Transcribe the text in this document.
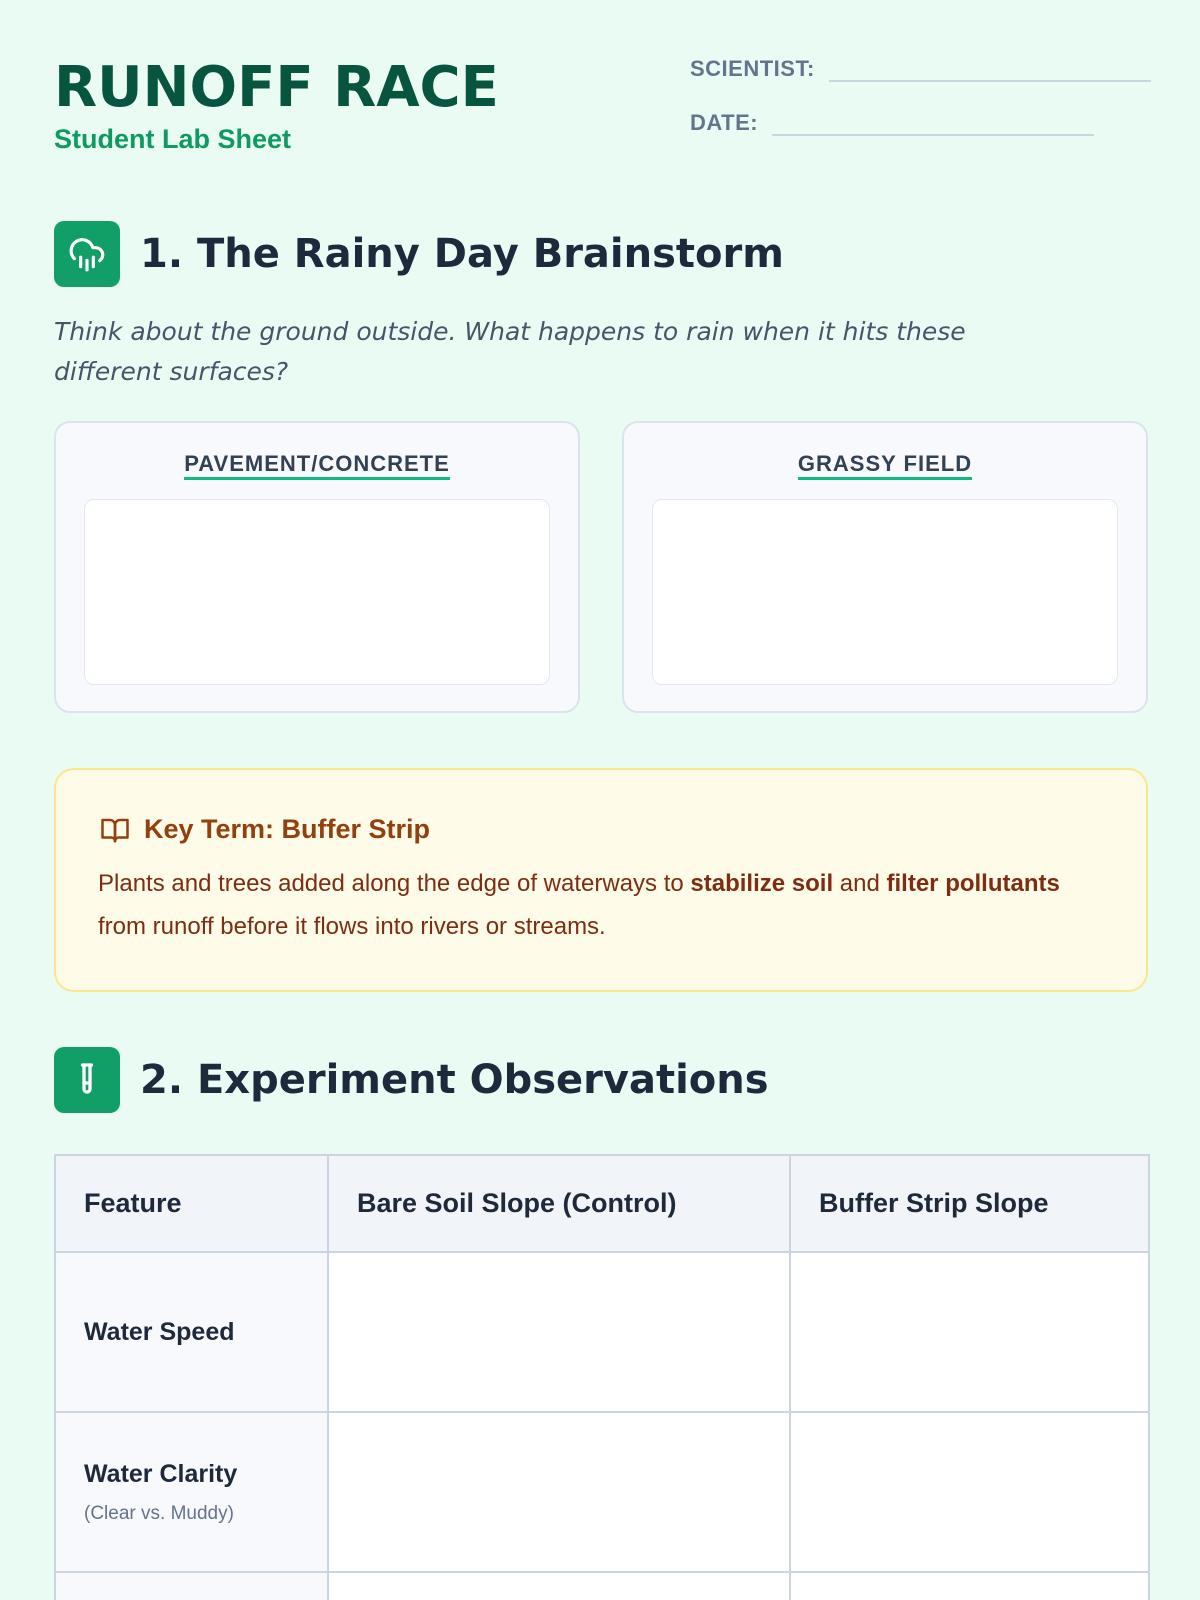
RUNOFF RACE
Student Lab Sheet
SCIENTIST:
DATE:
1. The Rainy Day Brainstorm
Think about the ground outside. What happens to rain when it hits these different surfaces?
PAVEMENT/CONCRETE	GRASSY FIELD
Key Term: Buffer Strip
Plants and trees added along the edge of waterways to stabilize soil and filter pollutants from runoff before it flows into rivers or streams.
2. Experiment Observations
Feature	Bare Soil Slope (Control)	Buffer Strip Slope
Water Speed		
Water Clarity
(Clear vs. Muddy)		
